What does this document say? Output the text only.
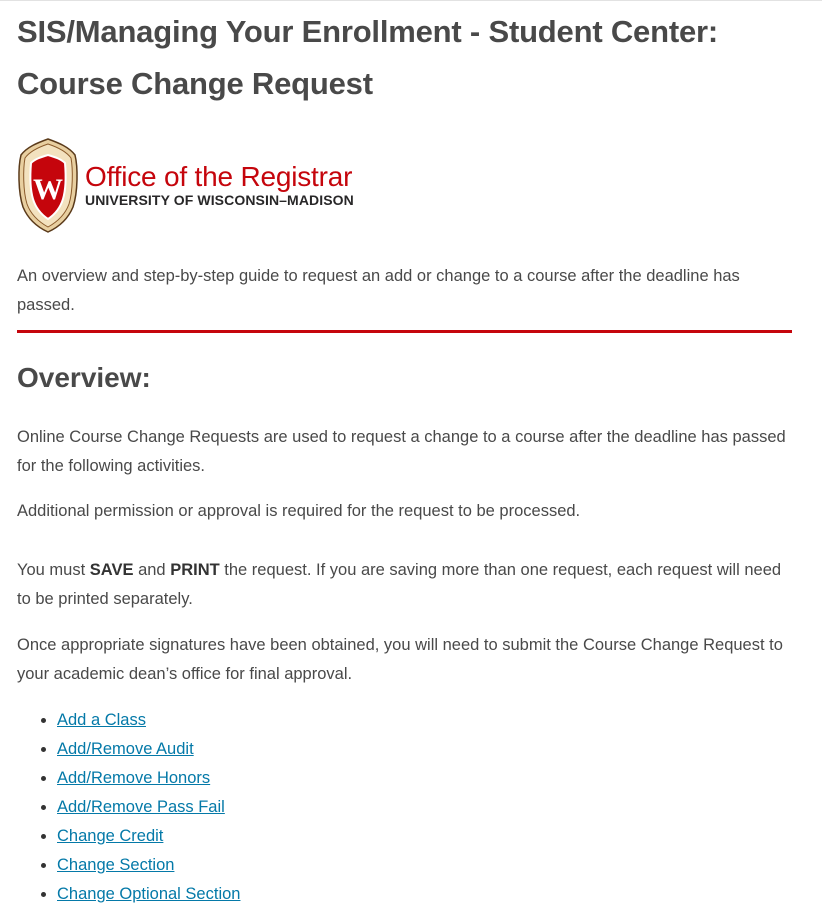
SIS/Managing Your Enrollment - Student Center: Course Change Request
W Office of the Registrar
UNIVERSITY OF WISCONSIN–MADISON

An overview and step-by-step guide to request an add or change to a course after the deadline has passed.

Overview:

Online Course Change Requests are used to request a change to a course after the deadline has passed for the following activities.

Additional permission or approval is required for the request to be processed.

You must SAVE and PRINT the request. If you are saving more than one request, each request will need to be printed separately.

Once appropriate signatures have been obtained, you will need to submit the Course Change Request to your academic dean’s office for final approval.

• Add a Class
• Add/Remove Audit
• Add/Remove Honors
• Add/Remove Pass Fail
• Change Credit
• Change Section
• Change Optional Section
